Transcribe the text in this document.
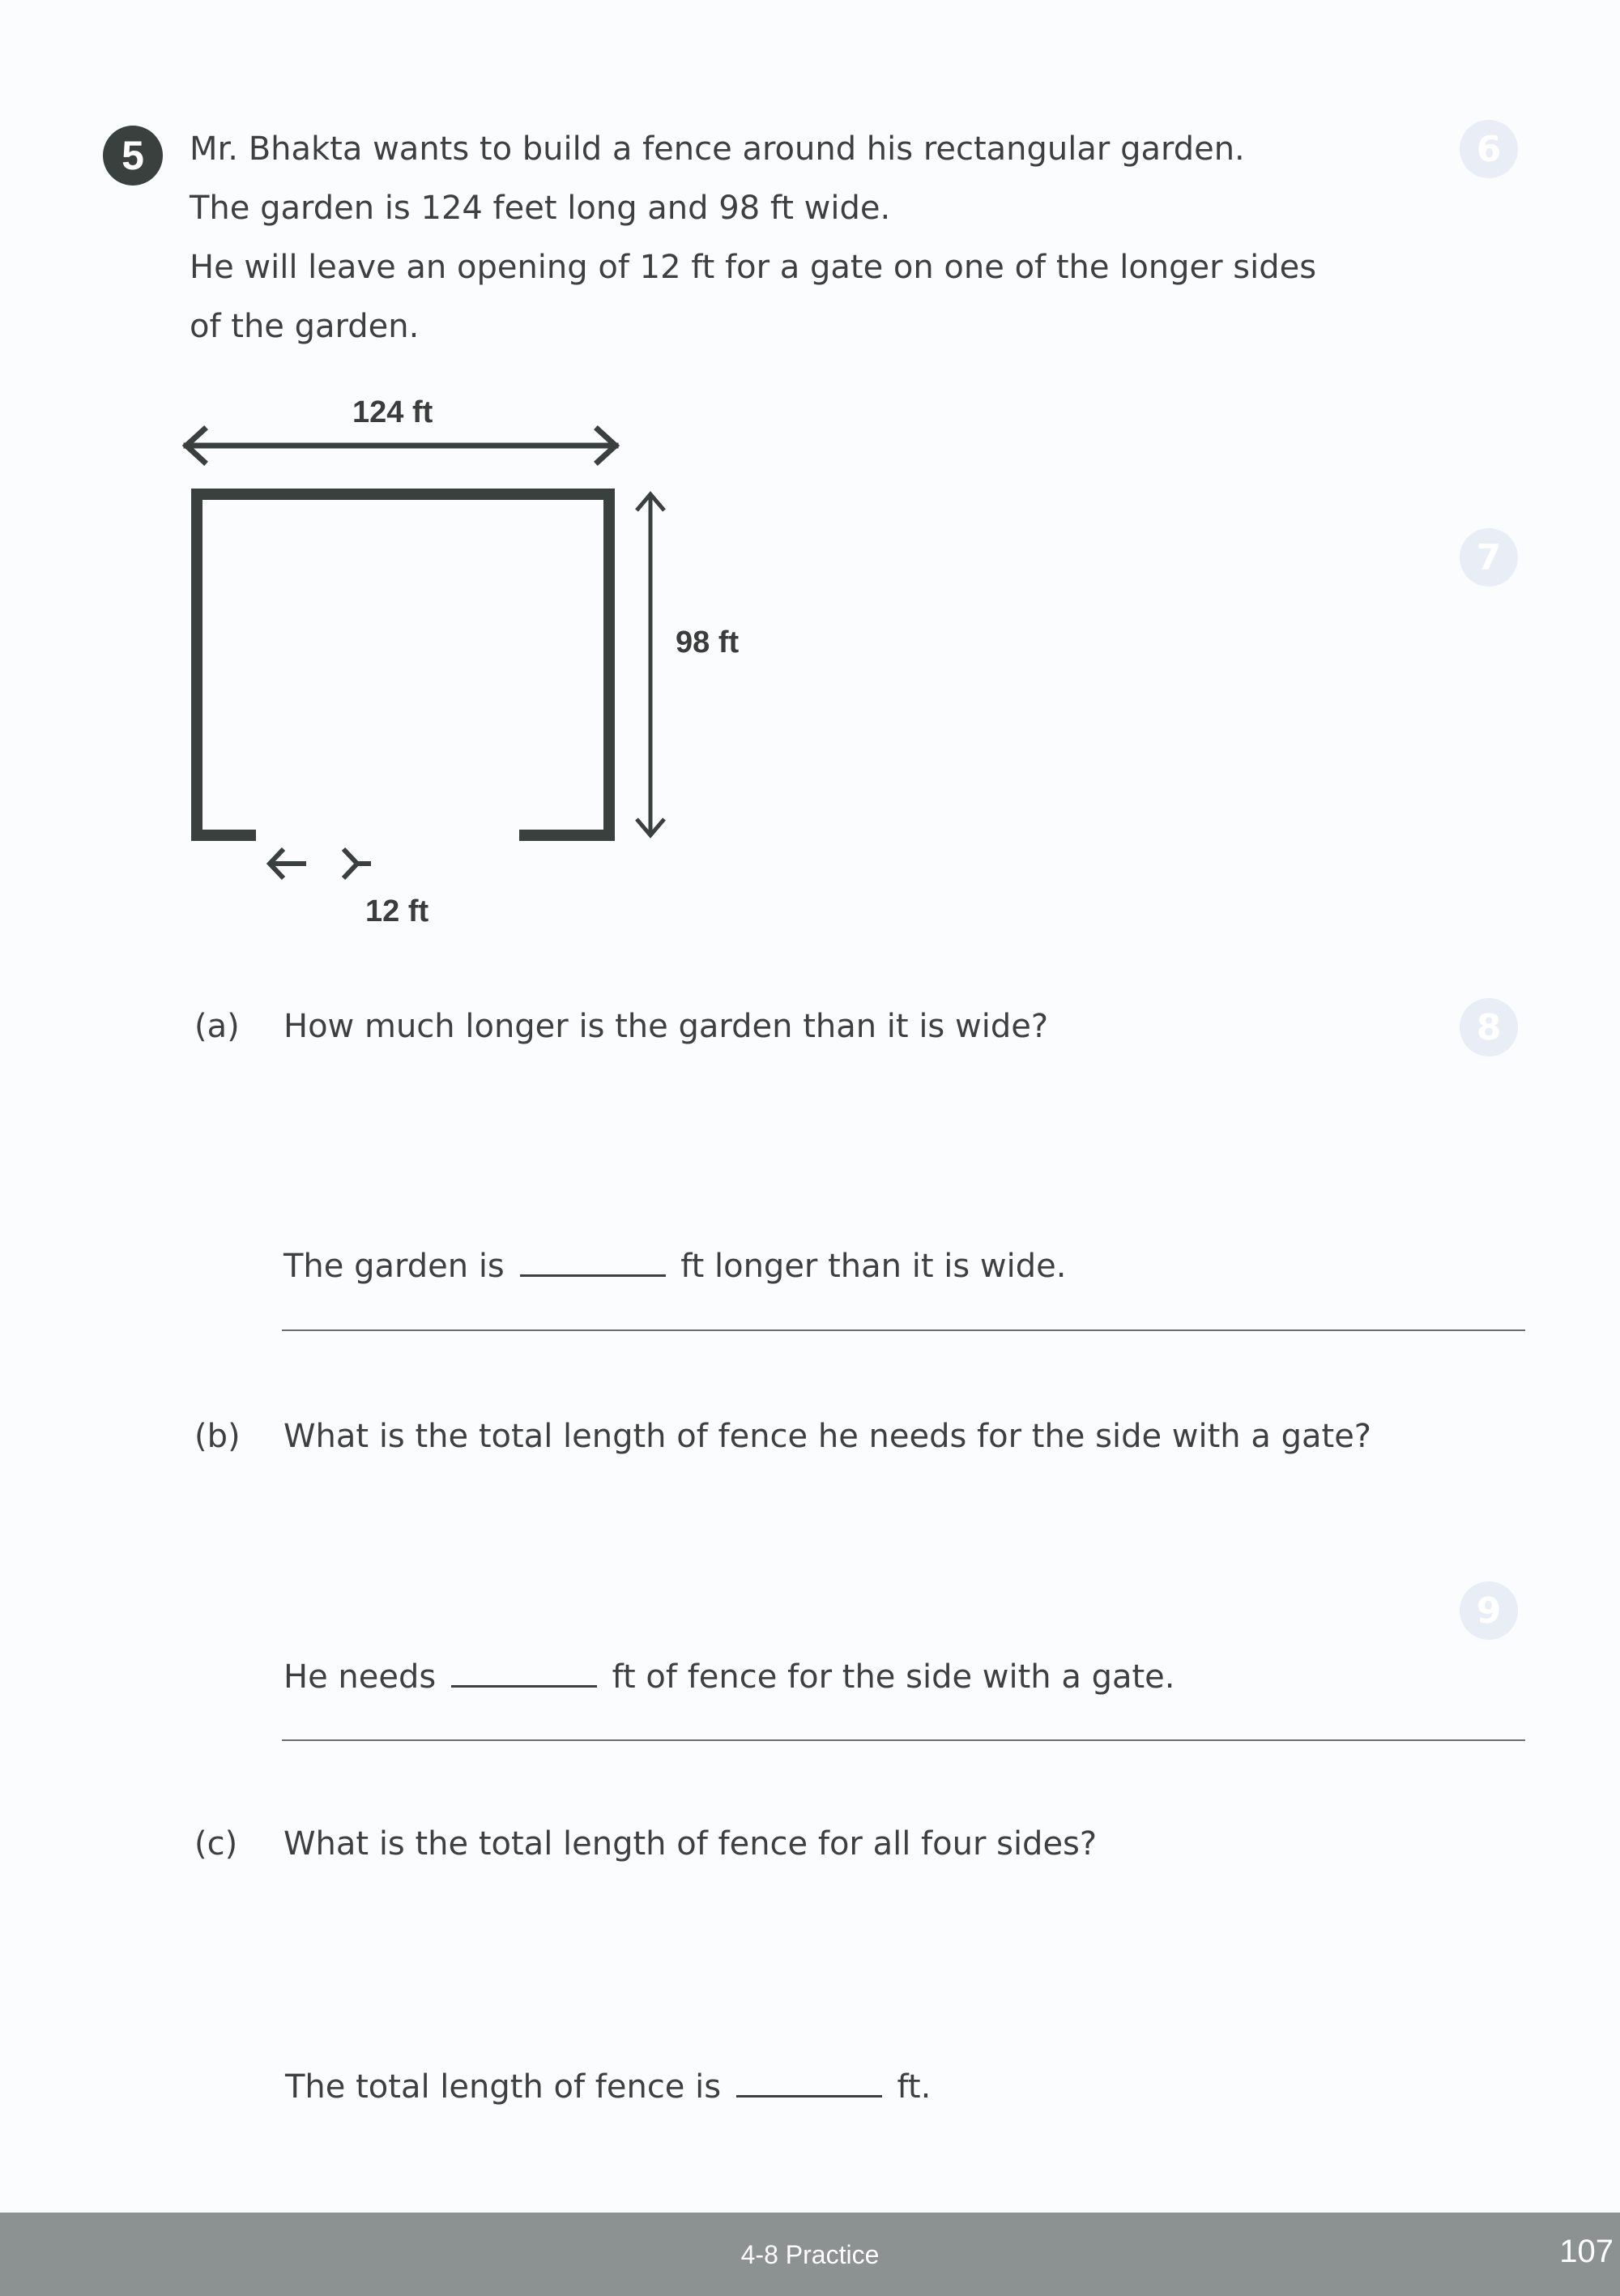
6
7
8
9
5	Mr. Bhakta wants to build a fence around his rectangular garden.
The garden is 124 feet long and 98 ft wide.
He will leave an opening of 12 ft for a gate on one of the longer sides
of the garden.
124 ft
98 ft
12 ft
(a) How much longer is the garden than it is wide?
The garden is	ft longer than it is wide.
(b) What is the total length of fence he needs for the side with a gate?
He needs	ft of fence for the side with a gate.
(c) What is the total length of fence for all four sides?
The total length of fence is	ft.
4-8 Practice	107
